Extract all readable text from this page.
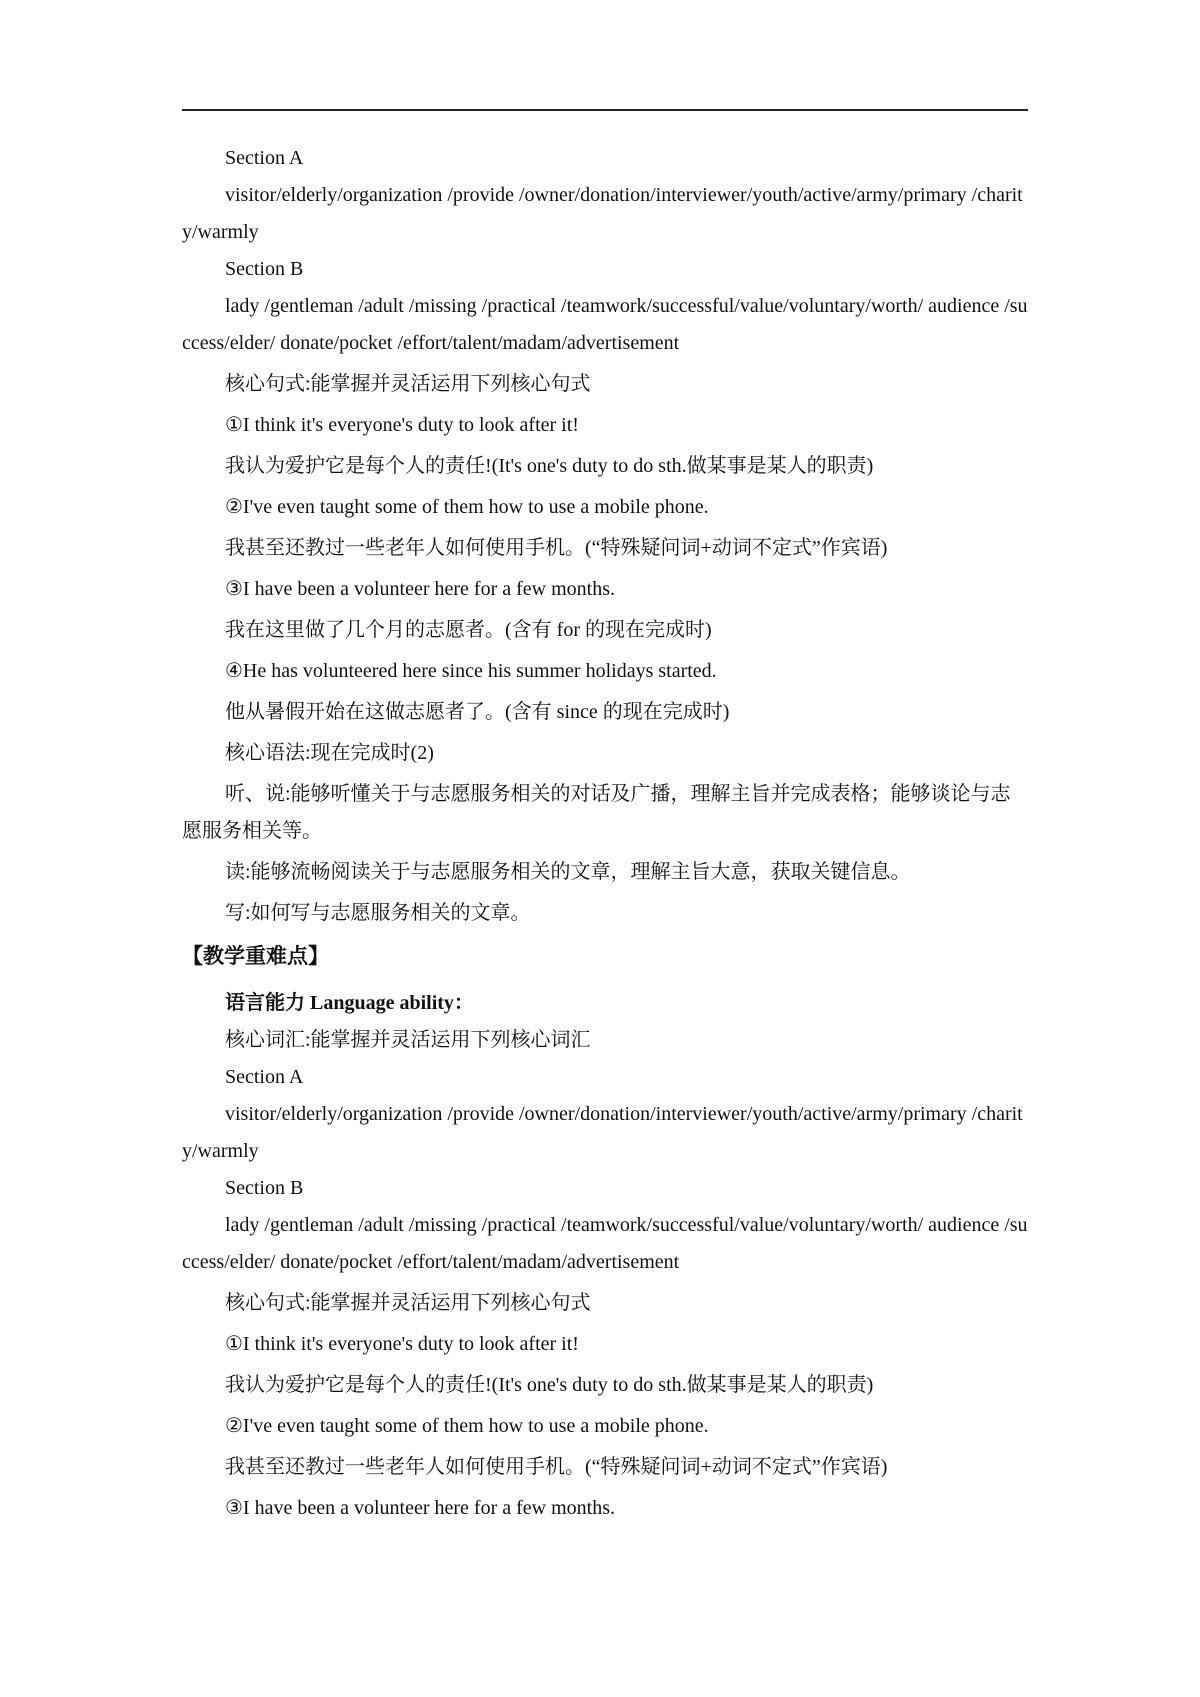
Section A

visitor/elderly/organization /provide /owner/donation/interviewer/youth/active/army/primary /charity/warmly

Section B

lady /gentleman /adult /missing /practical /teamwork/successful/value/voluntary/worth/ audience /success/elder/ donate/pocket /effort/talent/madam/advertisement

核心句式:能掌握并灵活运用下列核心句式

①I think it's everyone's duty to look after it!

我认为爱护它是每个人的责任!(It's one's duty to do sth.做某事是某人的职责)

②I've even taught some of them how to use a mobile phone.

我甚至还教过一些老年人如何使用手机。(“特殊疑问词+动词不定式”作宾语)

③I have been a volunteer here for a few months.

我在这里做了几个月的志愿者。(含有 for 的现在完成时)

④He has volunteered here since his summer holidays started.

他从暑假开始在这做志愿者了。(含有 since 的现在完成时)

核心语法:现在完成时(2)

听、说:能够听懂关于与志愿服务相关的对话及广播，理解主旨并完成表格；能够谈论与志愿服务相关等。

读:能够流畅阅读关于与志愿服务相关的文章，理解主旨大意，获取关键信息。

写:如何写与志愿服务相关的文章。

【教学重难点】

语言能力 Language ability：

核心词汇:能掌握并灵活运用下列核心词汇

Section A

visitor/elderly/organization /provide /owner/donation/interviewer/youth/active/army/primary /charity/warmly

Section B

lady /gentleman /adult /missing /practical /teamwork/successful/value/voluntary/worth/ audience /success/elder/ donate/pocket /effort/talent/madam/advertisement

核心句式:能掌握并灵活运用下列核心句式

①I think it's everyone's duty to look after it!

我认为爱护它是每个人的责任!(It's one's duty to do sth.做某事是某人的职责)

②I've even taught some of them how to use a mobile phone.

我甚至还教过一些老年人如何使用手机。(“特殊疑问词+动词不定式”作宾语)

③I have been a volunteer here for a few months.
